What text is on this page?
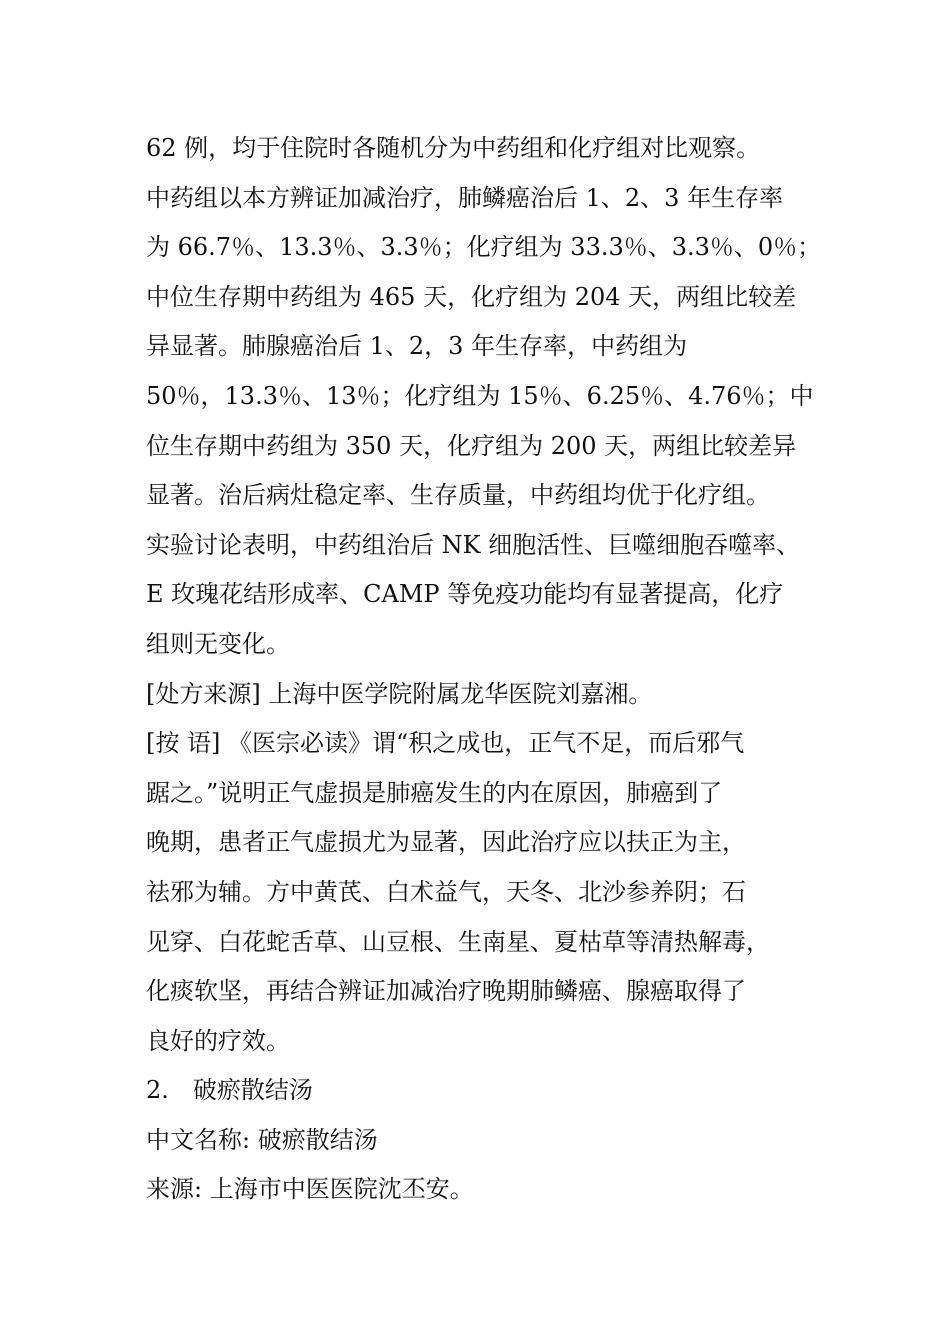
62 例，均于住院时各随机分为中药组和化疗组对比观察。
中药组以本方辨证加减治疗，肺鳞癌治后 1、2、3 年生存率
为 66.7％、13.3％、3.3％；化疗组为 33.3％、3.3％、0％；
中位生存期中药组为 465 天，化疗组为 204 天，两组比较差
异显著。肺腺癌治后 1、2，3 年生存率，中药组为
50％，13.3％、13％；化疗组为 15％、6.25％、4.76％；中
位生存期中药组为 350 天，化疗组为 200 天，两组比较差异
显著。治后病灶稳定率、生存质量，中药组均优于化疗组。
实验讨论表明，中药组治后 NK 细胞活性、巨噬细胞吞噬率、
E 玫瑰花结形成率、CAMP 等免疫功能均有显著提高，化疗
组则无变化。
[处方来源] 上海中医学院附属龙华医院刘嘉湘。
[按 语] 《医宗必读》谓“积之成也，正气不足，而后邪气
踞之。”说明正气虚损是肺癌发生的内在原因，肺癌到了
晚期，患者正气虚损尤为显著，因此治疗应以扶正为主，
祛邪为辅。方中黄芪、白术益气，天冬、北沙参养阴；石
见穿、白花蛇舌草、山豆根、生南星、夏枯草等清热解毒，
化痰软坚，再结合辨证加减治疗晚期肺鳞癌、腺癌取得了
良好的疗效。
2.　破瘀散结汤
中文名称: 破瘀散结汤
来源: 上海市中医医院沈丕安。
